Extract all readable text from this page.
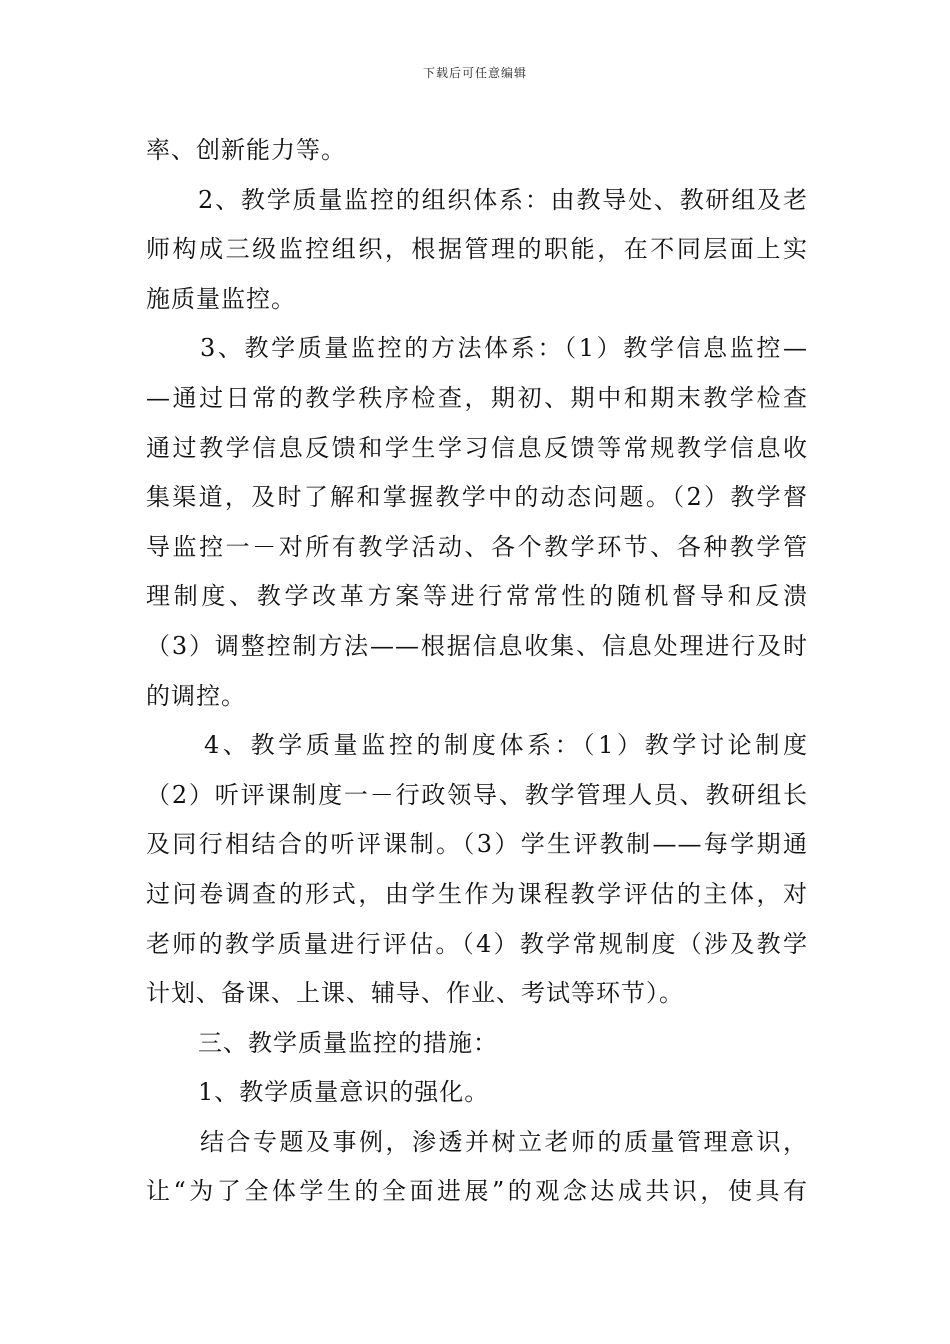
下载后可任意编辑
率、创新能力等。
2、教学质量监控的组织体系：由教导处、教研组及老
师构成三级监控组织，根据管理的职能，在不同层面上实
施质量监控。
3、教学质量监控的方法体系：（1）教学信息监控—
—通过日常的教学秩序检查，期初、期中和期末教学检查
通过教学信息反馈和学生学习信息反馈等常规教学信息收
集渠道，及时了解和掌握教学中的动态问题。（2）教学督
导监控一－对所有教学活动、各个教学环节、各种教学管
理制度、教学改革方案等进行常常性的随机督导和反溃
（3）调整控制方法——根据信息收集、信息处理进行及时
的调控。
4、教学质量监控的制度体系：（1）教学讨论制度
（2）听评课制度一－行政领导、教学管理人员、教研组长
及同行相结合的听评课制。（3）学生评教制——每学期通
过问卷调查的形式，由学生作为课程教学评估的主体，对
老师的教学质量进行评估。（4）教学常规制度（涉及教学
计划、备课、上课、辅导、作业、考试等环节）。
三、教学质量监控的措施：
1、教学质量意识的强化。
结合专题及事例，渗透并树立老师的质量管理意识，
让“为了全体学生的全面进展”的观念达成共识，使具有
